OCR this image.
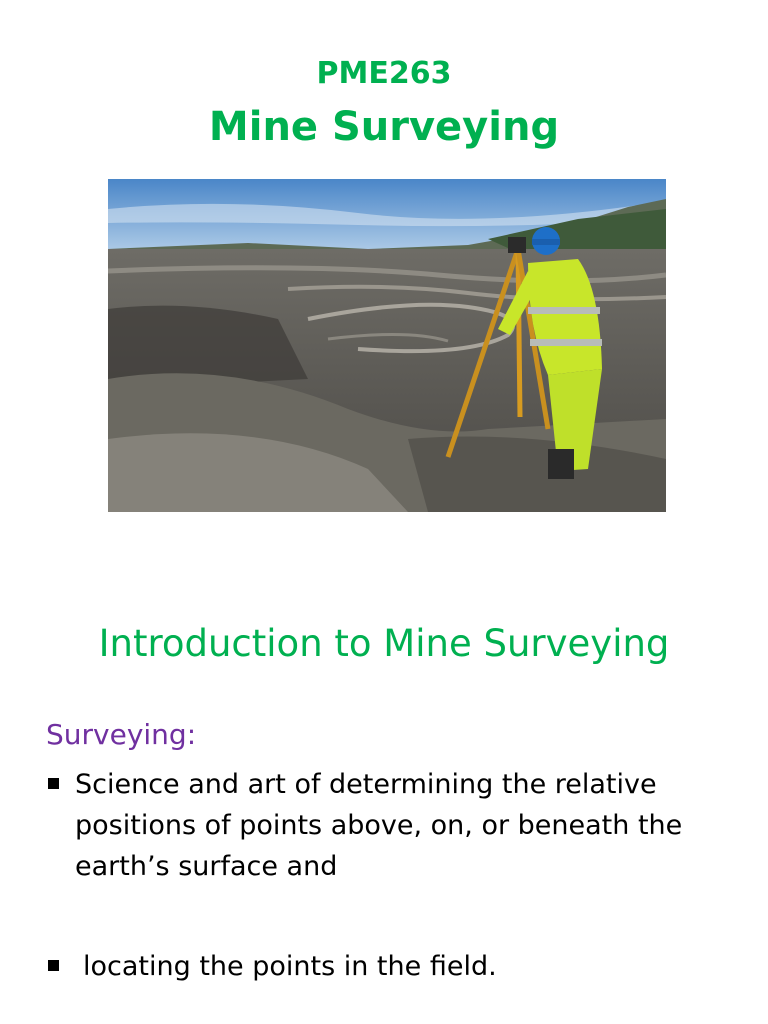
PME263
Mine Surveying
Introduction to Mine Surveying
Surveying:
Science and art of determining the relative positions of points above, on, or beneath the earth’s surface and
locating the points in the field.
